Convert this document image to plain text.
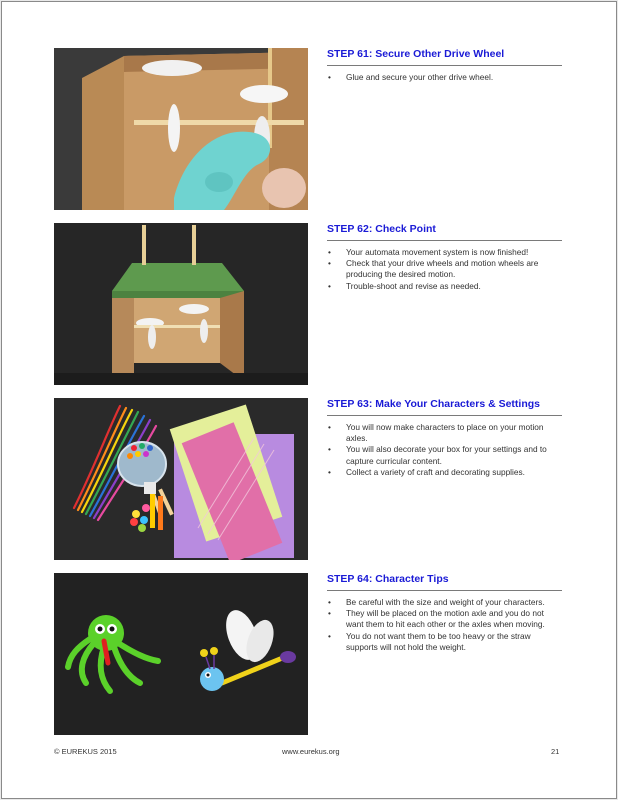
STEP 61: Secure Other Drive Wheel
• Glue and secure your other drive wheel.
STEP 62: Check Point
• Your automata movement system is now finished!
• Check that your drive wheels and motion wheels are producing the desired motion.
• Trouble-shoot and revise as needed.
STEP 63: Make Your Characters & Settings
• You will now make characters to place on your motion axles.
• You will also decorate your box for your settings and to capture curricular content.
• Collect a variety of craft and decorating supplies.
STEP 64: Character Tips
• Be careful with the size and weight of your characters.
• They will be placed on the motion axle and you do not want them to hit each other or the axles when moving.
• You do not want them to be too heavy or the straw supports will not hold the weight.
© EUREKUS 2015	www.eurekus.org	21
